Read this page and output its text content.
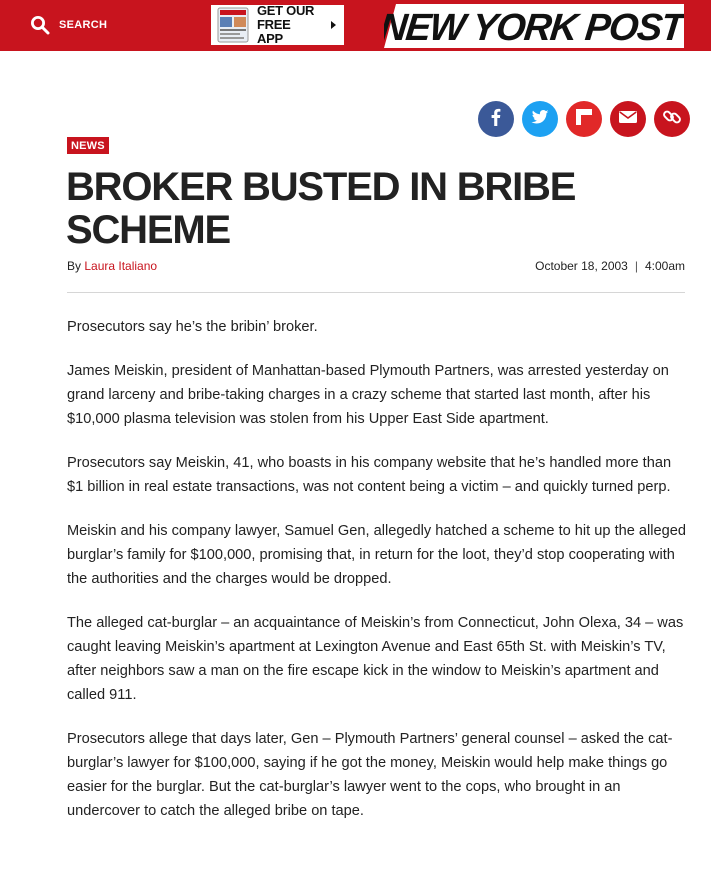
SEARCH
GET OUR
FREE APP	NEW YORK POST
NEWS
BROKER BUSTED IN BRIBE SCHEME
By Laura Italiano	October 18, 2003 | 4:00am

Prosecutors say he’s the bribin’ broker.

James Meiskin, president of Manhattan-based Plymouth Partners, was arrested yesterday on grand larceny and bribe-taking charges in a crazy scheme that started last month, after his $10,000 plasma television was stolen from his Upper East Side apartment.

Prosecutors say Meiskin, 41, who boasts in his company website that he’s handled more than $1 billion in real estate transactions, was not content being a victim – and quickly turned perp.

Meiskin and his company lawyer, Samuel Gen, allegedly hatched a scheme to hit up the alleged burglar’s family for $100,000, promising that, in return for the loot, they’d stop cooperating with the authorities and the charges would be dropped.

The alleged cat-burglar – an acquaintance of Meiskin’s from Connecticut, John Olexa, 34 – was caught leaving Meiskin’s apartment at Lexington Avenue and East 65th St. with Meiskin’s TV, after neighbors saw a man on the fire escape kick in the window to Meiskin’s apartment and called 911.

Prosecutors allege that days later, Gen – Plymouth Partners’ general counsel – asked the cat-burglar’s lawyer for $100,000, saying if he got the money, Meiskin would help make things go easier for the burglar. But the cat-burglar’s lawyer went to the cops, who brought in an undercover to catch the alleged bribe on tape.
